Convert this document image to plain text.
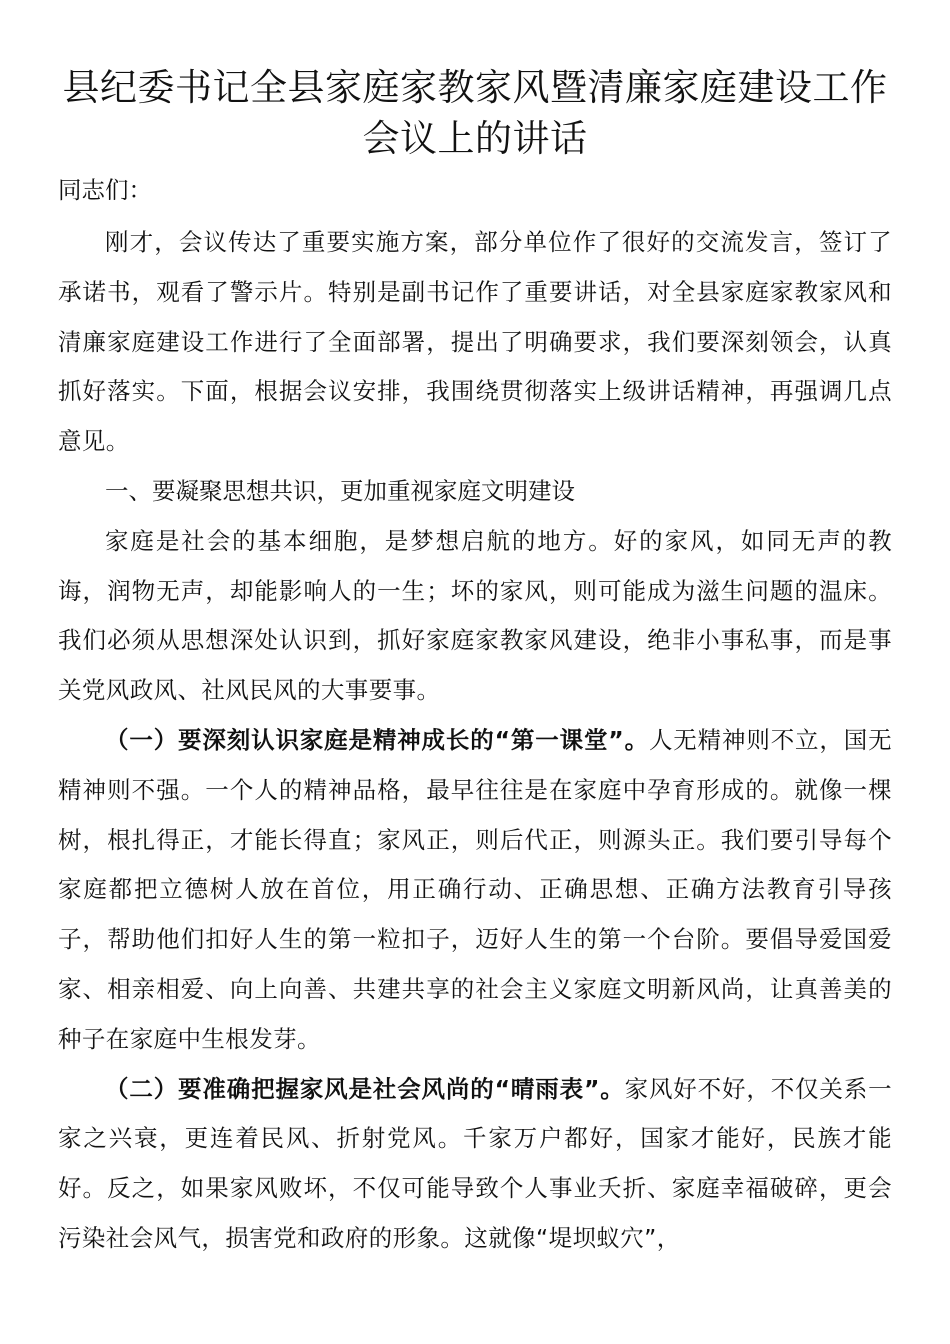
县纪委书记全县家庭家教家风暨清廉家庭建设工作会议上的讲话

同志们：

刚才，会议传达了重要实施方案，部分单位作了很好的交流发言，签订了承诺书，观看了警示片。特别是副书记作了重要讲话，对全县家庭家教家风和清廉家庭建设工作进行了全面部署，提出了明确要求，我们要深刻领会，认真抓好落实。下面，根据会议安排，我围绕贯彻落实上级讲话精神，再强调几点意见。

一、要凝聚思想共识，更加重视家庭文明建设

家庭是社会的基本细胞，是梦想启航的地方。好的家风，如同无声的教诲，润物无声，却能影响人的一生；坏的家风，则可能成为滋生问题的温床。我们必须从思想深处认识到，抓好家庭家教家风建设，绝非小事私事，而是事关党风政风、社风民风的大事要事。

（一）要深刻认识家庭是精神成长的“第一课堂”。人无精神则不立，国无精神则不强。一个人的精神品格，最早往往是在家庭中孕育形成的。就像一棵树，根扎得正，才能长得直；家风正，则后代正，则源头正。我们要引导每个家庭都把立德树人放在首位，用正确行动、正确思想、正确方法教育引导孩子，帮助他们扣好人生的第一粒扣子，迈好人生的第一个台阶。要倡导爱国爱家、相亲相爱、向上向善、共建共享的社会主义家庭文明新风尚，让真善美的种子在家庭中生根发芽。

（二）要准确把握家风是社会风尚的“晴雨表”。家风好不好，不仅关系一家之兴衰，更连着民风、折射党风。千家万户都好，国家才能好，民族才能好。反之，如果家风败坏，不仅可能导致个人事业夭折、家庭幸福破碎，更会污染社会风气，损害党和政府的形象。这就像“堤坝蚁穴”，
